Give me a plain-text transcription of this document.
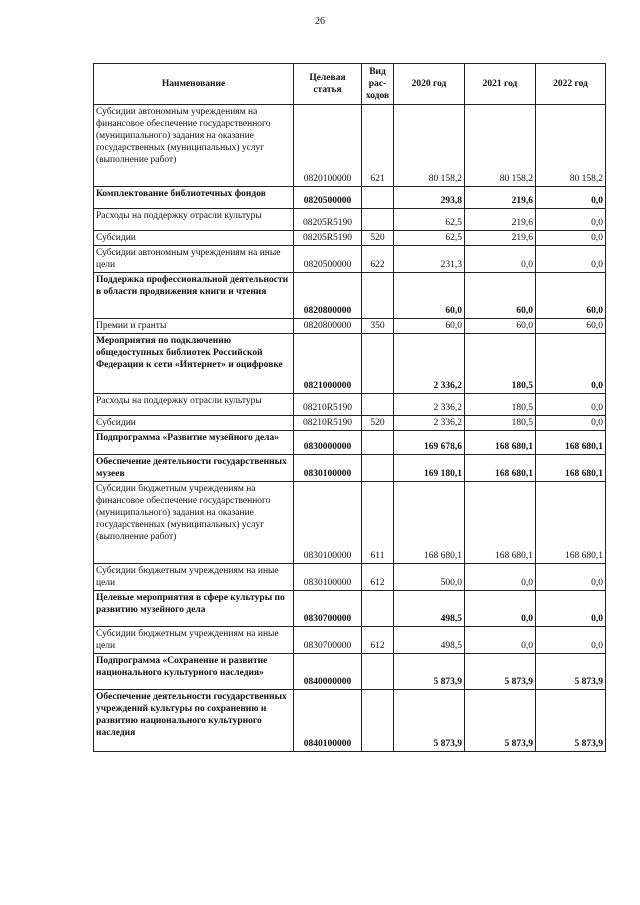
26
Наименование	Целевая статья	Вид рас- ходов	2020 год	2021 год	2022 год
Субсидии автономным учреждениям на финансовое обеспечение государственного (муниципального) задания на оказание государственных (муниципальных) услуг (выполнение работ)	0820100000	621	80 158,2	80 158,2	80 158,2
Комплектование библиотечных фондов	0820500000		293,8	219,6	0,0
Расходы на поддержку отрасли культуры	08205R5190		62,5	219,6	0,0
Субсидии	08205R5190	520	62,5	219,6	0,0
Субсидии автономным учреждениям на иные цели	0820500000	622	231,3	0,0	0,0
Поддержка профессиональной деятельности в области продвижения книги и чтения	0820800000		60,0	60,0	60,0
Премии и гранты	0820800000	350	60,0	60,0	60,0
Мероприятия по подключению общедоступных библиотек Российской Федерации к сети «Интернет» и оцифровке	0821000000		2 336,2	180,5	0,0
Расходы на поддержку отрасли культуры	08210R5190		2 336,2	180,5	0,0
Субсидии	08210R5190	520	2 336,2	180,5	0,0
Подпрограмма «Развитие музейного дела»	0830000000		169 678,6	168 680,1	168 680,1
Обеспечение деятельности государственных музеев	0830100000		169 180,1	168 680,1	168 680,1
Субсидии бюджетным учреждениям на финансовое обеспечение государственного (муниципального) задания на оказание государственных (муниципальных) услуг (выполнение работ)	0830100000	611	168 680,1	168 680,1	168 680,1
Субсидии бюджетным учреждениям на иные цели	0830100000	612	500,0	0,0	0,0
Целевые мероприятия в сфере культуры по развитию музейного дела	0830700000		498,5	0,0	0,0
Субсидии бюджетным учреждениям на иные цели	0830700000	612	498,5	0,0	0,0
Подпрограмма «Сохранение и развитие национального культурного наследия»	0840000000		5 873,9	5 873,9	5 873,9
Обеспечение деятельности государственных учреждений культуры по сохранению и развитию национального культурного наследия	0840100000		5 873,9	5 873,9	5 873,9
